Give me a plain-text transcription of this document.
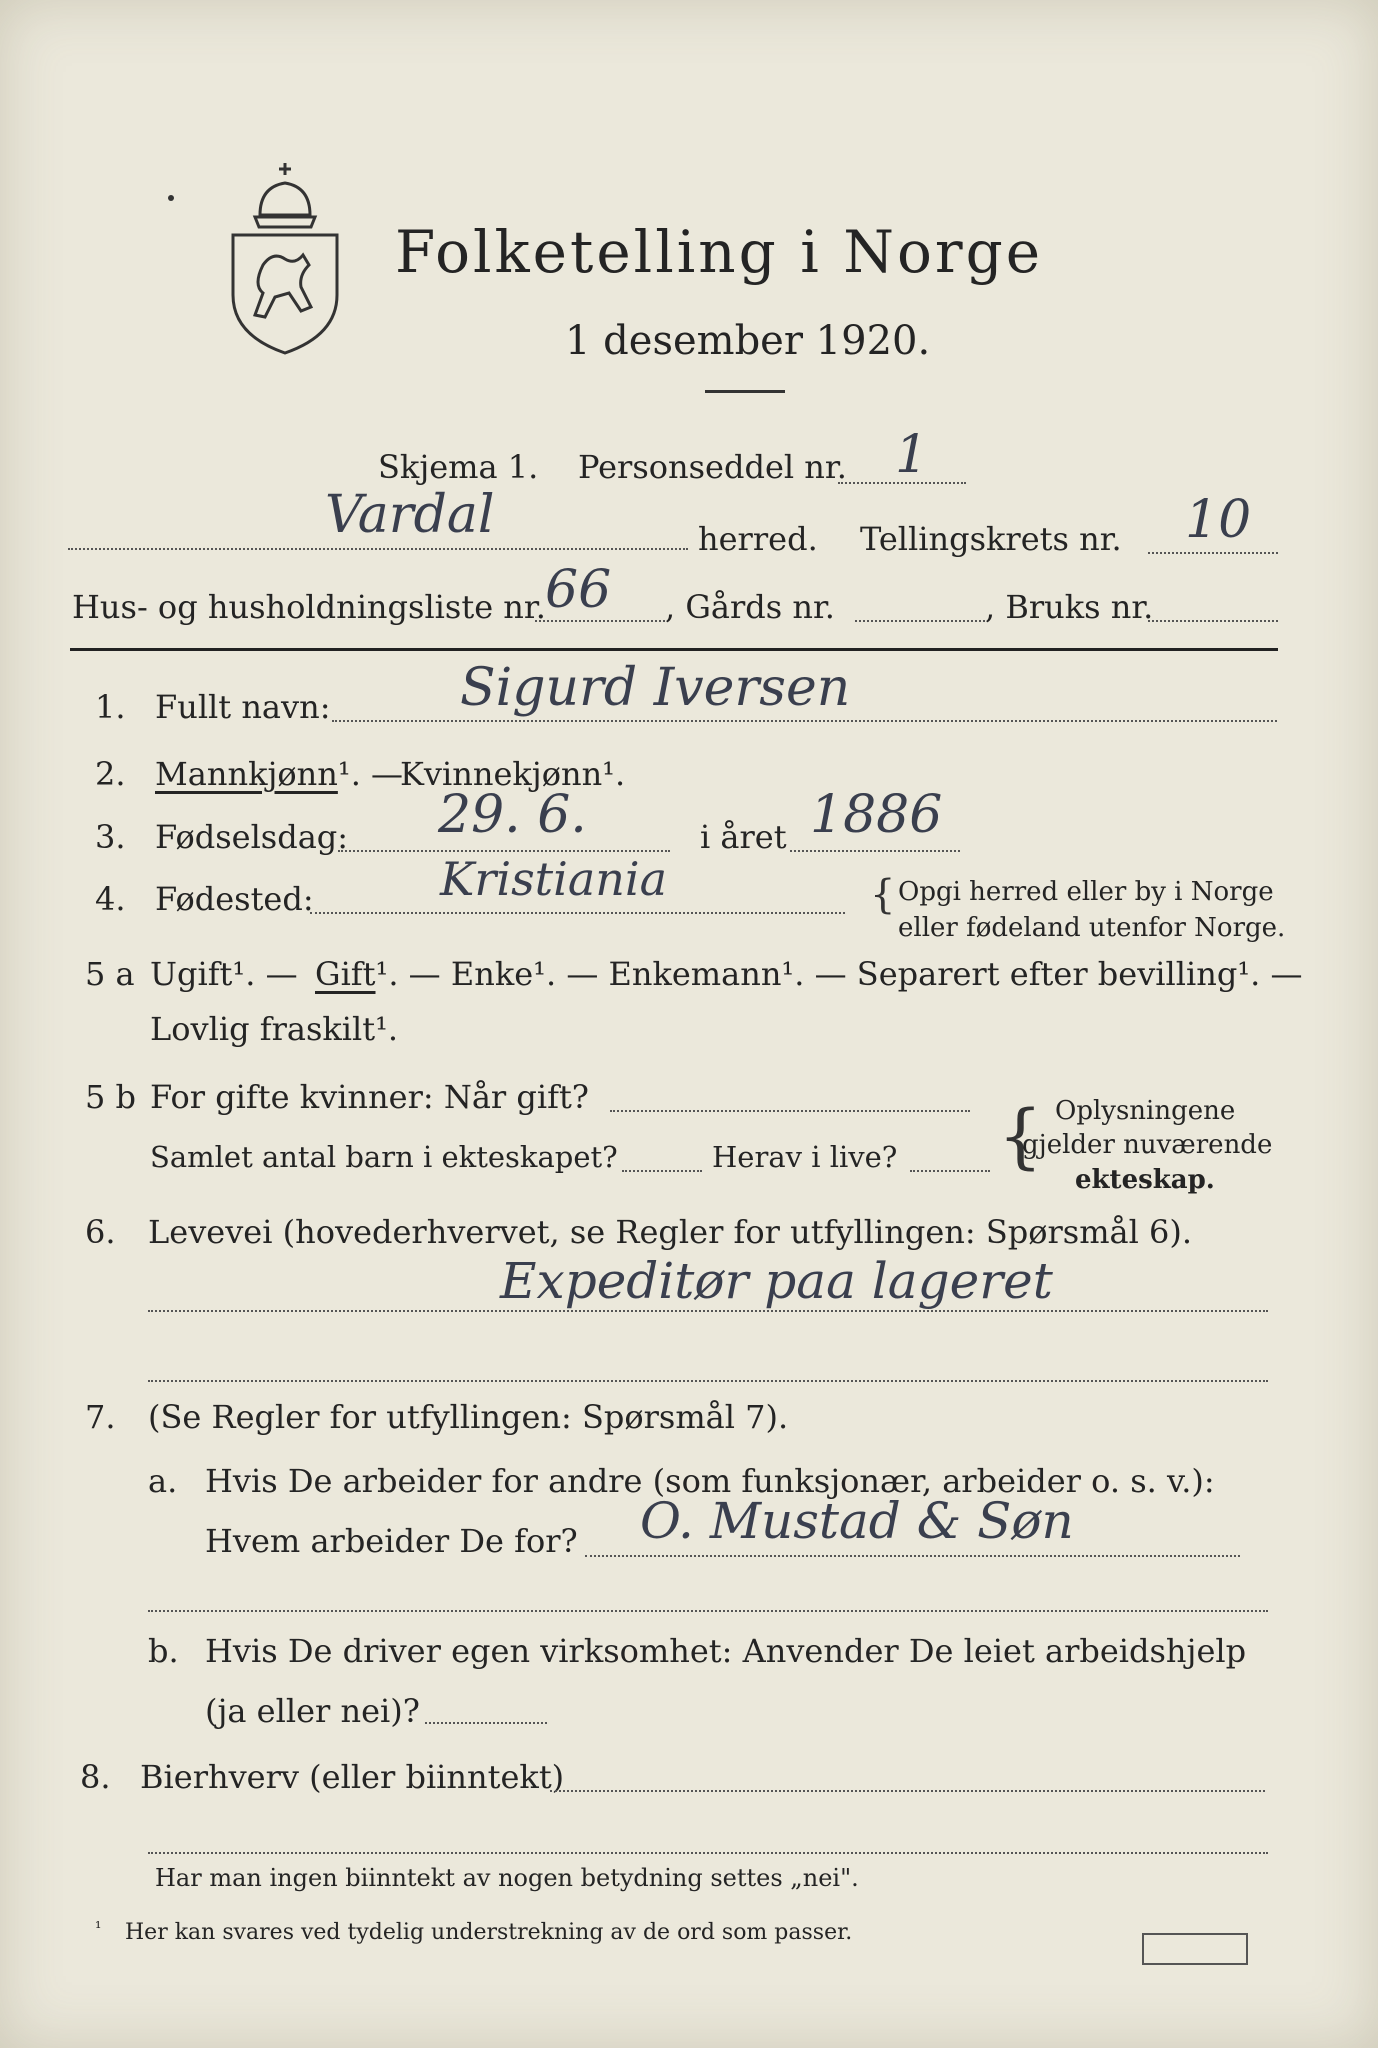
Folketelling i Norge
1 desember 1920.
Skjema 1. Personseddel nr. 1
Vardal	herred. Tellingskrets nr. 10
Hus- og husholdningsliste nr. 66 , Gårds nr.	, Bruks nr.
1. Fullt navn: Sigurd Iversen
2. Mannkjønn¹. —
Kvinnekjønn¹.
3. Fødselsdag: 29. 6.	i året 1886
4. Fødested:	Kristiania	{ Opgi herred eller by i Norge
eller fødeland utenfor Norge.
5 a Ugift¹. — Gift¹. — Enke¹. — Enkemann¹. — Separert efter bevilling¹. —
Lovlig fraskilt¹.
5 b For gifte kvinner: Når gift?
Samlet antal barn i ekteskapet?	Herav i live? { Oplysningene
gjelder nuværende
ekteskap.
6. Levevei (hovederhvervet, se Regler for utfyllingen: Spørsmål 6).
Expeditør paa lageret
7. (Se Regler for utfyllingen: Spørsmål 7).
a. Hvis De arbeider for andre (som funksjonær, arbeider o. s. v.):
Hvem arbeider De for? O. Mustad & Søn
b. Hvis De driver egen virksomhet: Anvender De leiet arbeidshjelp
(ja eller nei)?
8. Bierhverv (eller biinntekt)
Har man ingen biinntekt av nogen betydning settes „nei".
¹ Her kan svares ved tydelig understrekning av de ord som passer.
